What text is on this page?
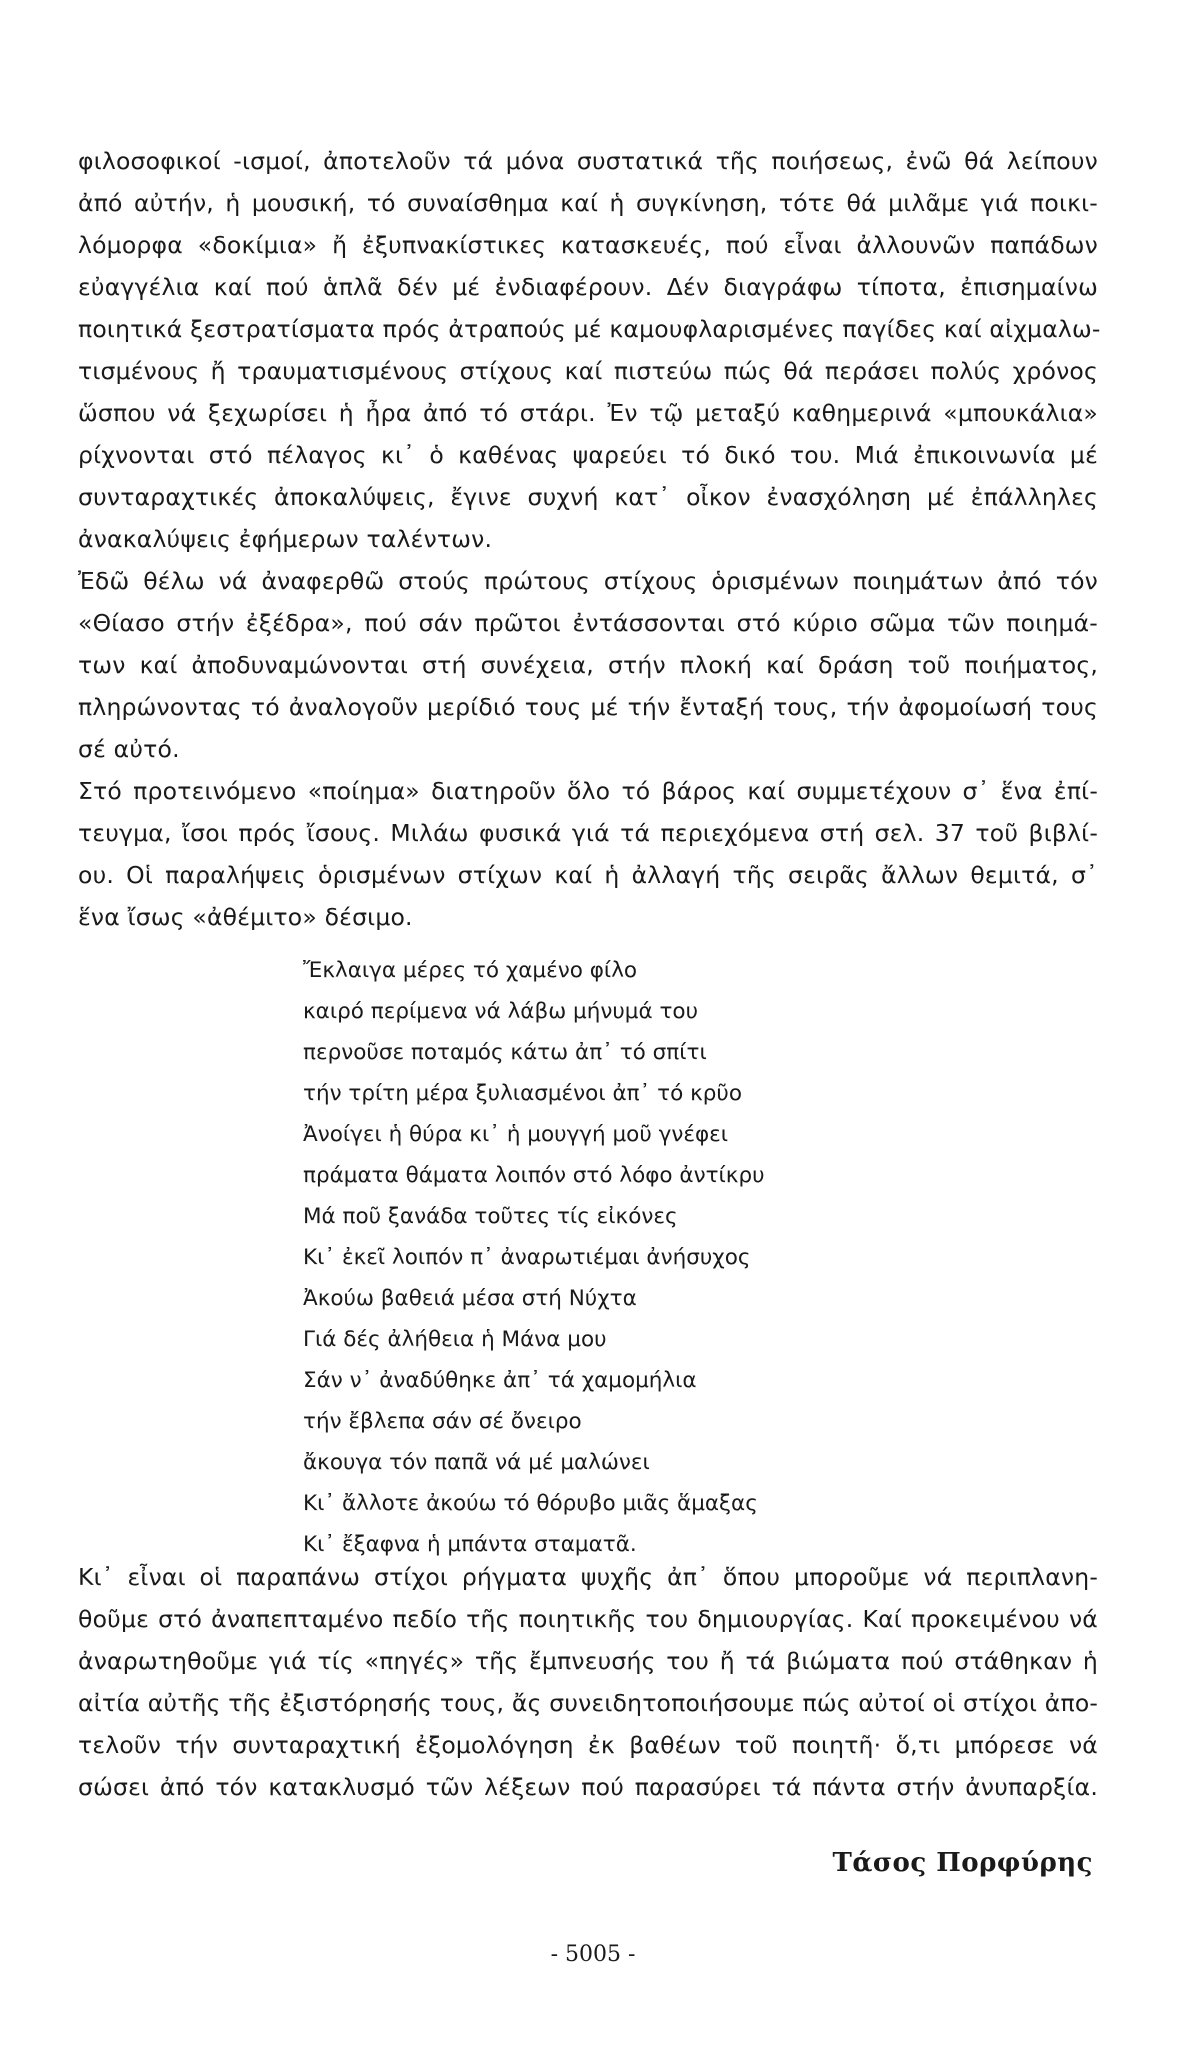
φιλοσοφικοί -ισμοί, ἀποτελοῦν τά μόνα συστατικά τῆς ποιήσεως, ἐνῶ θά λείπουν
ἀπό αὐτήν, ἡ μουσική, τό συναίσθημα καί ἡ συγκίνηση, τότε θά μιλᾶμε γιά ποικι-
λόμορφα «δοκίμια» ἤ ἐξυπνακίστικες κατασκευές, πού εἶναι ἀλλουνῶν παπάδων
εὐαγγέλια καί πού ἁπλᾶ δέν μέ ἐνδιαφέρουν. Δέν διαγράφω τίποτα, ἐπισημαίνω
ποιητικά ξεστρατίσματα πρός ἀτραπούς μέ καμουφλαρισμένες παγίδες καί αἰχμαλω-
τισμένους ἤ τραυματισμένους στίχους καί πιστεύω πώς θά περάσει πολύς χρόνος
ὥσπου νά ξεχωρίσει ἡ ἦρα ἀπό τό στάρι. Ἐν τῷ μεταξύ καθημερινά «μπουκάλια»
ρίχνονται στό πέλαγος κι᾽ ὁ καθένας ψαρεύει τό δικό του. Μιά ἐπικοινωνία μέ
συνταραχτικές ἀποκαλύψεις, ἔγινε συχνή κατ᾽ οἶκον ἐνασχόληση μέ ἐπάλληλες
ἀνακαλύψεις ἐφήμερων ταλέντων.

Ἐδῶ θέλω νά ἀναφερθῶ στούς πρώτους στίχους ὁρισμένων ποιημάτων ἀπό τόν
«Θίασο στήν ἐξέδρα», πού σάν πρῶτοι ἐντάσσονται στό κύριο σῶμα τῶν ποιημά-
των καί ἀποδυναμώνονται στή συνέχεια, στήν πλοκή καί δράση τοῦ ποιήματος,
πληρώνοντας τό ἀναλογοῦν μερίδιό τους μέ τήν ἔνταξή τους, τήν ἀφομοίωσή τους
σέ αὐτό.

Στό προτεινόμενο «ποίημα» διατηροῦν ὅλο τό βάρος καί συμμετέχουν σ᾽ ἕνα ἐπί-
τευγμα, ἴσοι πρός ἴσους. Μιλάω φυσικά γιά τά περιεχόμενα στή σελ. 37 τοῦ βιβλί-
ου. Οἱ παραλήψεις ὁρισμένων στίχων καί ἡ ἀλλαγή τῆς σειρᾶς ἄλλων θεμιτά, σ᾽
ἕνα ἴσως «ἀθέμιτο» δέσιμο.

Ἔκλαιγα μέρες τό χαμένο φίλο
καιρό περίμενα νά λάβω μήνυμά του
περνοῦσε ποταμός κάτω ἀπ᾽ τό σπίτι
τήν τρίτη μέρα ξυλιασμένοι ἀπ᾽ τό κρῦο
Ἀνοίγει ἡ θύρα κι᾽ ἡ μουγγή μοῦ γνέφει
πράματα θάματα λοιπόν στό λόφο ἀντίκρυ
Μά ποῦ ξανάδα τοῦτες τίς εἰκόνες
Κι᾽ ἐκεῖ λοιπόν π᾽ ἀναρωτιέμαι ἀνήσυχος
Ἀκούω βαθειά μέσα στή Νύχτα
Γιά δές ἀλήθεια ἡ Μάνα μου
Σάν ν᾽ ἀναδύθηκε ἀπ᾽ τά χαμομήλια
τήν ἔβλεπα σάν σέ ὄνειρο
ἄκουγα τόν παπᾶ νά μέ μαλώνει
Κι᾽ ἄλλοτε ἀκούω τό θόρυβο μιᾶς ἅμαξας
Κι᾽ ἔξαφνα ἡ μπάντα σταματᾶ.

Κι᾽ εἶναι οἱ παραπάνω στίχοι ρήγματα ψυχῆς ἀπ᾽ ὅπου μποροῦμε νά περιπλανη-
θοῦμε στό ἀναπεπταμένο πεδίο τῆς ποιητικῆς του δημιουργίας. Καί προκειμένου νά
ἀναρωτηθοῦμε γιά τίς «πηγές» τῆς ἔμπνευσής του ἤ τά βιώματα πού στάθηκαν ἡ
αἰτία αὐτῆς τῆς ἐξιστόρησής τους, ἄς συνειδητοποιήσουμε πώς αὐτοί οἱ στίχοι ἀπο-
τελοῦν τήν συνταραχτική ἐξομολόγηση ἐκ βαθέων τοῦ ποιητῆ· ὅ,τι μπόρεσε νά
σώσει ἀπό τόν κατακλυσμό τῶν λέξεων πού παρασύρει τά πάντα στήν ἀνυπαρξία.

Τάσος Πορφύρης
- 5005 -
